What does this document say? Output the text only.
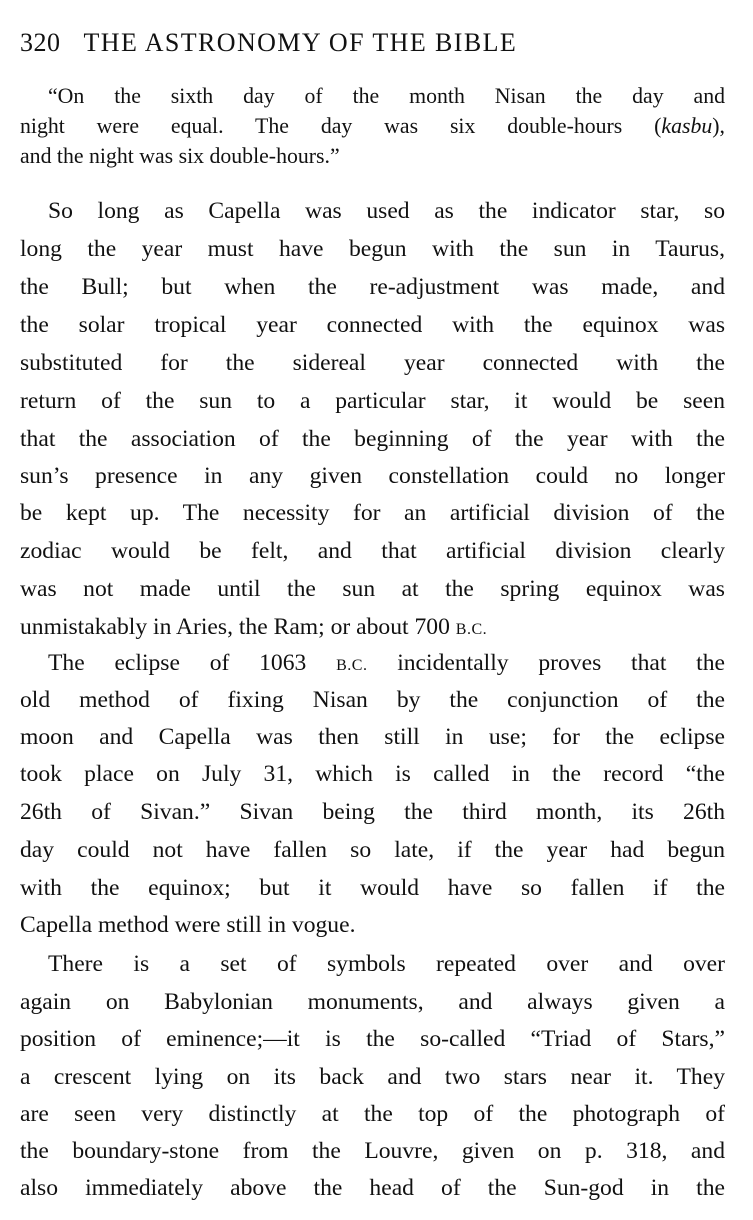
320 THE ASTRONOMY OF THE BIBLE
“On the sixth day of the month Nisan the day and
night were equal. The day was six double-hours (kasbu),
and the night was six double-hours.”
So long as Capella was used as the indicator star, so
long the year must have begun with the sun in Taurus,
the Bull; but when the re-adjustment was made, and
the solar tropical year connected with the equinox was
substituted for the sidereal year connected with the
return of the sun to a particular star, it would be seen
that the association of the beginning of the year with the
sun’s presence in any given constellation could no longer
be kept up. The necessity for an artificial division of the
zodiac would be felt, and that artificial division clearly
was not made until the sun at the spring equinox was
unmistakably in Aries, the Ram; or about 700 B.C.
The eclipse of 1063 B.C. incidentally proves that the
old method of fixing Nisan by the conjunction of the
moon and Capella was then still in use; for the eclipse
took place on July 31, which is called in the record “the
26th of Sivan.” Sivan being the third month, its 26th
day could not have fallen so late, if the year had begun
with the equinox; but it would have so fallen if the
Capella method were still in vogue.
There is a set of symbols repeated over and over
again on Babylonian monuments, and always given a
position of eminence;—it is the so-called “Triad of Stars,”
a crescent lying on its back and two stars near it. They
are seen very distinctly at the top of the photograph of
the boundary-stone from the Louvre, given on p. 318, and
also immediately above the head of the Sun-god in the
